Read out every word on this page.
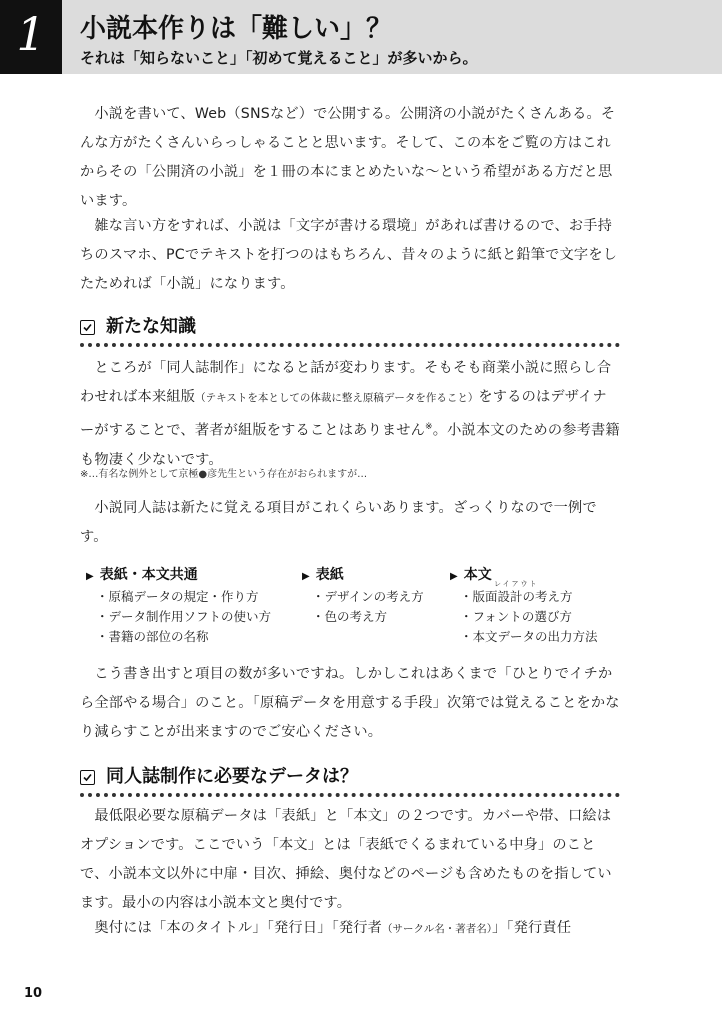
1	小説本作りは「難しい」？
それは「知らないこと」「初めて覚えること」が多いから。

　小説を書いて、Web（SNSなど）で公開する。公開済の小説がたくさんある。そんな方がたくさんいらっしゃることと思います。そして、この本をご覧の方はこれからその「公開済の小説」を１冊の本にまとめたいな〜という希望がある方だと思います。

　雑な言い方をすれば、小説は「文字が書ける環境」があれば書けるので、お手持ちのスマホ、PCでテキストを打つのはもちろん、昔々のように紙と鉛筆で文字をしたためれば「小説」になります。

新たな知識

　ところが「同人誌制作」になると話が変わります。そもそも商業小説に照らし合わせれば本来組版（テキストを本としての体裁に整え原稿データを作ること）をするのはデザイナーがすることで、著者が組版をすることはありません※。小説本文のための参考書籍も物凄く少ないです。

※…有名な例外として京極●彦先生という存在がおられますが…

　小説同人誌は新たに覚える項目がこれくらいあります。ざっくりなので一例です。

▶ 表紙・本文共通
・原稿データの規定・作り方
・データ制作用ソフトの使い方
・書籍の部位の名称
▶ 表紙
・デザインの考え方
・色の考え方
▶ 本文
・版面設計の考え方
・フォントの選び方
・本文データの出力方法
レイアウト

　こう書き出すと項目の数が多いですね。しかしこれはあくまで「ひとりでイチから全部やる場合」のこと。「原稿データを用意する手段」次第では覚えることをかなり減らすことが出来ますのでご安心ください。

同人誌制作に必要なデータは？

　最低限必要な原稿データは「表紙」と「本文」の２つです。カバーや帯、口絵はオプションです。ここでいう「本文」とは「表紙でくるまれている中身」のことで、小説本文以外に中扉・目次、挿絵、奥付などのページも含めたものを指しています。最小の内容は小説本文と奥付です。

　奥付には「本のタイトル」「発行日」「発行者（サークル名・著者名）」「発行責任

10
